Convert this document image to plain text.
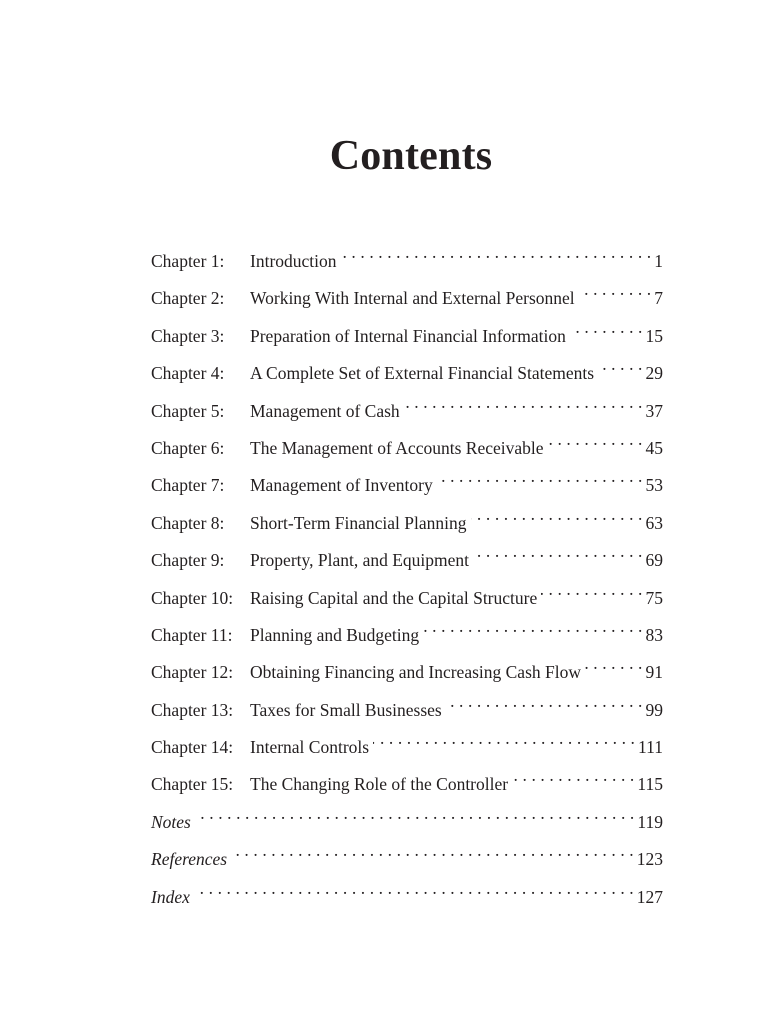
Contents
Chapter 1:	Introduction . . .	1
Chapter 2:	Working With Internal and External Personnel . . .	7
Chapter 3:	Preparation of Internal Financial Information . . .	15
Chapter 4:	A Complete Set of External Financial Statements . . .	29
Chapter 5:	Management of Cash . . .	37
Chapter 6:	The Management of Accounts Receivable . . .	45
Chapter 7:	Management of Inventory . . .	53
Chapter 8:	Short-Term Financial Planning . . .	63
Chapter 9:	Property, Plant, and Equipment . . .	69
Chapter 10: Raising Capital and the Capital Structure . . .	75
Chapter 11:	Planning and Budgeting . . .	83
Chapter 12: Obtaining Financing and Increasing Cash Flow . . .	91
Chapter 13: Taxes for Small Businesses . . .	99
Chapter 14: Internal Controls . . .	111
Chapter 15: The Changing Role of the Controller . . .	115
Notes . . .	119
References . . .	123
Index . . .	127
